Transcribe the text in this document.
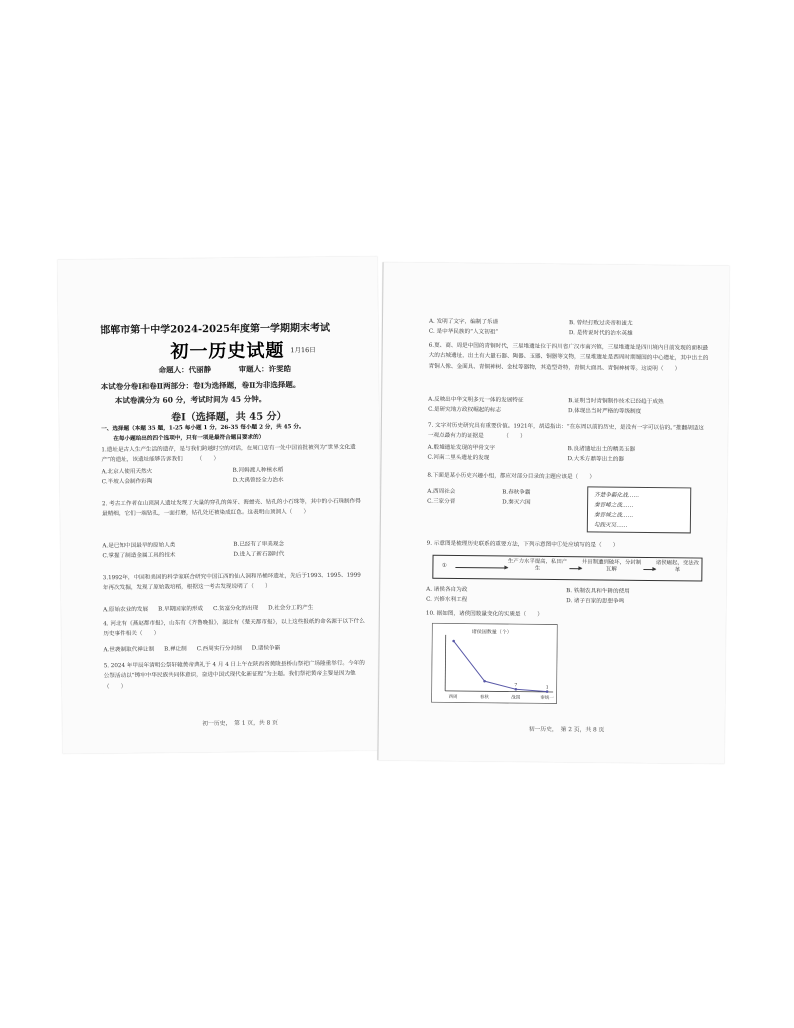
邯郸市第十中学2024-2025年度第一学期期末考试
初一历史试题 1月16日
命题人：代丽静	审题人：许雯皓
本试卷分卷Ⅰ和卷Ⅱ两部分：卷Ⅰ为选择题，卷Ⅱ为非选择题。
本试卷满分为 60 分，考试时间为 45 分钟。
卷Ⅰ（选择题，共 45 分）
一、选择题（本题 35 题，1-25 每小题 1 分，26-35 每小题 2 分，共 45 分。
在每小题给出的四个选项中，只有一项是最符合题目要求的）
1.遗址是古人生产生活的遗存，是与我们跨越时空的对话，在周口店有一处中国首批被列为“世界文化遗产”的遗址，该遗址能够告诉我们　　　（　　）
A.北京人使用天然火	B.河姆渡人种植水稻
C.半坡人会制作彩陶	D.大禹曾经全力治水
2. 考古工作者在山顶洞人遗址发现了大量的穿孔的兽牙、海蚶壳、钻孔的小石珠等，其中的小石珠制作得最精细，它们一端钻孔，一面打磨，钻孔处还被染成红色。这表明山顶洞人（　　）
A.是已知中国最早的原始人类	B.已经有了审美观念
C.掌握了制造金属工具的技术	D.进入了新石器时代
3.1992年，中国和美国的科学家联合研究中国江西的仙人洞和吊桶环遗址，先后于1993、1995、1999年再次发掘，发现了原始栽培稻，根据这一考古发现说明了（　　）
A.原始农业的发展 B.早期国家的形成 C.贫富分化的出现 D.社会分工的产生
4. 河北有《燕赵都市报》，山东有《齐鲁晚报》，湖北有《楚天都市报》，以上这些报纸的命名源于以下什么历史事件相关（　　）
A.世袭制取代禅让制 B.禅让制 C.西周实行分封制 D.诸侯争霸
5. 2024 年甲辰年清明公祭轩辕黄帝典礼于 4 月 4 日上午在陕西省黄陵县桥山祭祀广场隆重举行。今年的公祭活动以“铸牢中华民族共同体意识，奋进中国式现代化新征程”为主题。我们祭祀黄帝主要是因为他（　　）
初一历史，　第 1 页，共 8 页
A. 发明了文字，编制了乐谱	B. 曾经打败过炎帝和蚩尤
C. 是中华民族的“人文初祖”	D. 是传说时代的治水英雄
6.夏、商、周是中国的青铜时代，三星堆遗址位于四川省广汉市南兴镇，三星堆遗址是四川境内目前发现的面积最大的古城遗址，出土有大量石器、陶器、玉器、铜器等文物，三星堆遗址是西周时期蜀国的中心遗址，其中出土的青铜人像、金面具、青铜神树、金杖等器物，其造型奇特，青铜大面具、青铜神树等。这说明（　　）
A.反映出中华文明多元一体的发展特征	B.证明当时青铜制作技术已经趋于成熟
C.是研究地方政权崛起的标志	D.体现出当时严格的等级制度
7. 文字对历史研究具有重要价值。1921年，胡适指出：“在东周以前的历史，是没有一字可以信的。”推翻胡适这一观点最有力的证据是　　　　（　　）
A.殷墟遗址发现的甲骨文字	B.良渚遗址出土的精美玉器
C.河南二里头遗址的发现	D.大禾方鼎等出土的器
8.下面是某小历史兴趣小组，都应对部分目录的主题应该是（　　）
A.西周社会	B.春秋争霸
C.三家分晋	D.秦灭六国
齐楚争霸化战……
秦晋崤之战……
秦晋城之战……
勾践灭吴……
9. 示意图是梳理历史联系的重要方法，下列示意图中①处应填写的是（　　）
①
生产力水平提高，私田产生
井田制遭到破坏，分封制瓦解
诸侯崛起，变法改革
A. 诸侯各自为政	B. 铁制农具和牛耕的使用
C. 兴修水利工程	D. 诸子百家的思想争鸣
10. 据如图，诸侯国数量变化的实质是（　　）
诸侯国数量（个）
西周	春秋	战国
7
秦统一
1
初一历史，　第 2 页，共 8 页
